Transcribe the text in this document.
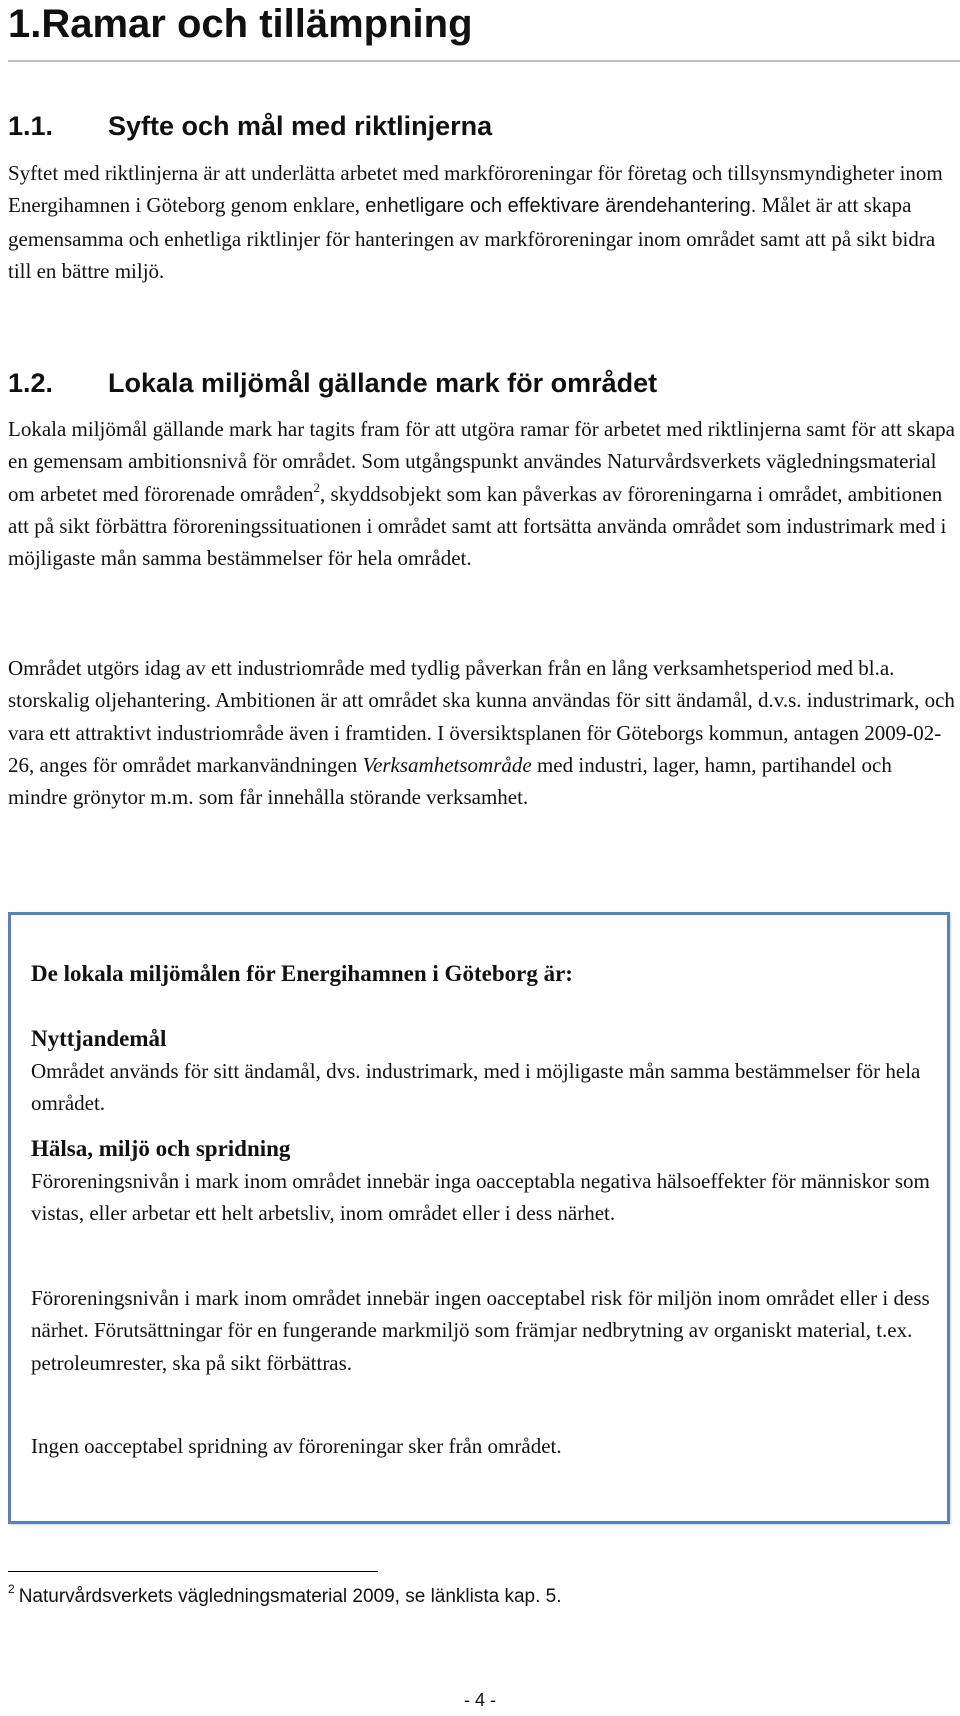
1.Ramar och tillämpning
1.1. Syfte och mål med riktlinjerna
Syftet med riktlinjerna är att underlätta arbetet med markföroreningar för företag och tillsynsmyndigheter inom Energihamnen i Göteborg genom enklare, enhetligare och effektivare ärendehantering. Målet är att skapa gemensamma och enhetliga riktlinjer för hanteringen av markföroreningar inom området samt att på sikt bidra till en bättre miljö.
1.2. Lokala miljömål gällande mark för området
Lokala miljömål gällande mark har tagits fram för att utgöra ramar för arbetet med riktlinjerna samt för att skapa en gemensam ambitionsnivå för området. Som utgångspunkt användes Naturvårdsverkets vägledningsmaterial om arbetet med förorenade områden$^2$, skyddsobjekt som kan påverkas av föroreningarna i området, ambitionen att på sikt förbättra föroreningssituationen i området samt att fortsätta använda området som industrimark med i möjligaste mån samma bestämmelser för hela området.
Området utgörs idag av ett industriområde med tydlig påverkan från en lång verksamhetsperiod med bl.a. storskalig oljehantering. Ambitionen är att området ska kunna användas för sitt ändamål, d.v.s. industrimark, och vara ett attraktivt industriområde även i framtiden. I översiktsplanen för Göteborgs kommun, antagen 2009-02-26, anges för området markanvändningen Verksamhetsområde med industri, lager, hamn, partihandel och mindre grönytor m.m. som får innehålla störande verksamhet.
De lokala miljömålen för Energihamnen i Göteborg är:
Nyttjandemål
Området används för sitt ändamål, dvs. industrimark, med i möjligaste mån samma bestämmelser för hela området.
Hälsa, miljö och spridning
Föroreningsnivån i mark inom området innebär inga oacceptabla negativa hälsoeffekter för människor som vistas, eller arbetar ett helt arbetsliv, inom området eller i dess närhet.
Föroreningsnivån i mark inom området innebär ingen oacceptabel risk för miljön inom området eller i dess närhet. Förutsättningar för en fungerande markmiljö som främjar nedbrytning av organiskt material, t.ex. petroleumrester, ska på sikt förbättras.
Ingen oacceptabel spridning av föroreningar sker från området.
$^2$ Naturvårdsverkets vägledningsmaterial 2009, se länklista kap. 5.
- 4 -
